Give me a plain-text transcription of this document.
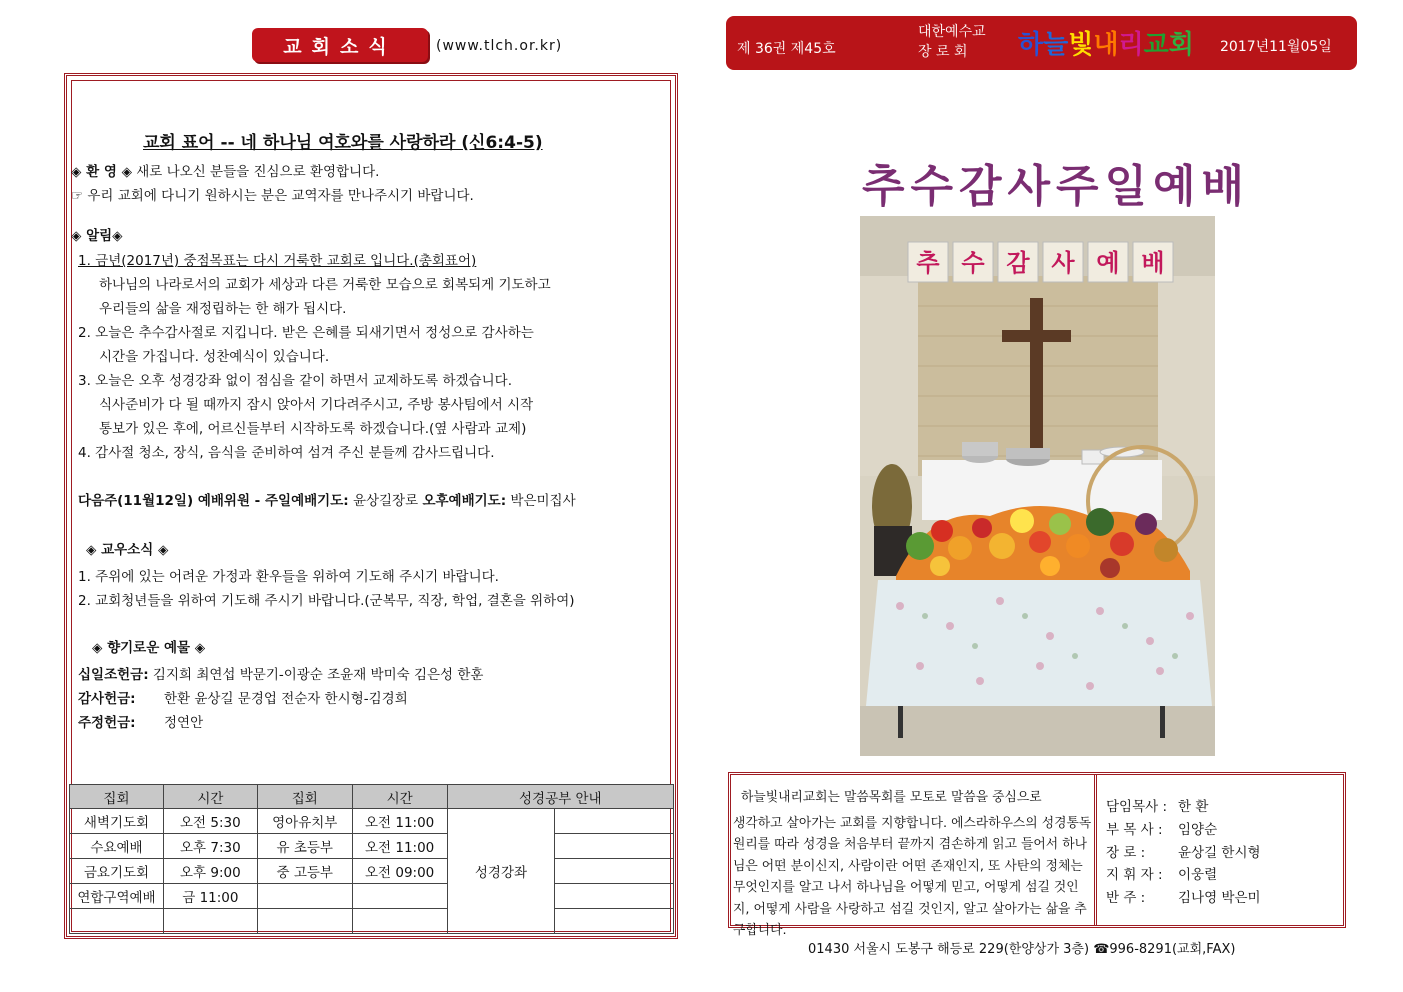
교회소식	(www.tlch.or.kr)
교회 표어 -- 네 하나님 여호와를 사랑하라 (신6:4-5)
◈ 환 영 ◈ 새로 나오신 분들을 진심으로 환영합니다.
☞ 우리 교회에 다니기 원하시는 분은 교역자를 만나주시기 바랍니다.
◈ 알림◈
1. 금년(2017년) 중점목표는 다시 거룩한 교회로 입니다.(총회표어)
하나님의 나라로서의 교회가 세상과 다른 거룩한 모습으로 회복되게 기도하고
우리들의 삶을 재정립하는 한 해가 됩시다.
2. 오늘은 추수감사절로 지킵니다. 받은 은혜를 되새기면서 정성으로 감사하는
시간을 가집니다. 성찬예식이 있습니다.
3. 오늘은 오후 성경강좌 없이 점심을 같이 하면서 교제하도록 하겠습니다.
식사준비가 다 될 때까지 잠시 앉아서 기다려주시고, 주방 봉사팀에서 시작
통보가 있은 후에, 어르신들부터 시작하도록 하겠습니다.(옆 사람과 교제)
4. 감사절 청소, 장식, 음식을 준비하여 섬겨 주신 분들께 감사드립니다.
다음주(11월12일) 예배위원 - 주일예배기도: 윤상길장로 오후예배기도: 박은미집사
◈ 교우소식 ◈
1. 주위에 있는 어려운 가정과 환우들을 위하여 기도해 주시기 바랍니다.
2. 교회청년들을 위하여 기도해 주시기 바랍니다.(군복무, 직장, 학업, 결혼을 위하여)
◈ 향기로운 예물 ◈
십일조헌금: 김지희 최연섭 박문기-이광순 조윤재 박미숙 김은성 한훈
감사헌금: 한환 윤상길 문경업 전순자 한시형-김경희
주정헌금: 정연안
집회	시간	집회	시간	성경공부 안내	
새벽기도회	오전 5:30	영아유치부	오전 11:00	성경강좌	
수요예배	오후 7:30	유 초등부	오전 11:00		
금요기도회	오후 9:00	중 고등부	오전 09:00		
연합구역예배	금 11:00				

제 36권 제45호
대한예수교
장 로 회	하늘빛내리교회 2017년11월05일
추수감사주일예배
추 수 감 사 예 배
하늘빛내리교회는 말씀목회를 모토로 말씀을 중심으로
생각하고 살아가는 교회를 지향합니다. 에스라하우스의 성경통독원리를 따라 성경을 처음부터 끝까지 겸손하게 읽고 들어서 하나님은 어떤 분이신지, 사람이란 어떤 존재인지, 또 사탄의 정체는 무엇인지를 알고 나서 하나님을 어떻게 믿고, 어떻게 섬길 것인지, 어떻게 사람을 사랑하고 섬길 것인지, 알고 살아가는 삶을 추구합니다.
담임목사 : 한 환
부 목 사 : 임양순
장 로 : 윤상길 한시형
지 휘 자 : 이웅렬
반 주 : 김나영 박은미
01430 서울시 도봉구 해등로 229(한양상가 3층) ☎996-8291(교회,FAX)
